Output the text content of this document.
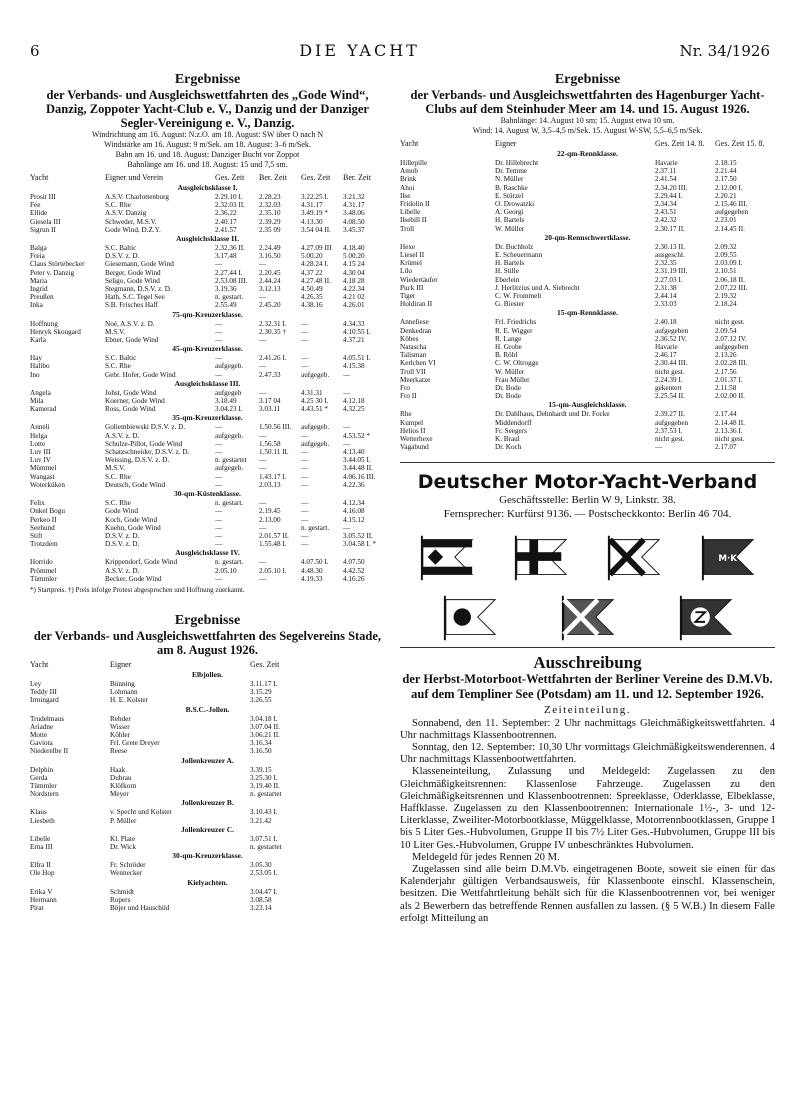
6	DIE YACHT	Nr. 34/1926
Ergebnisse
der Verbands- und Ausgleichswettfahrten des „Gode Wind“, Danzig, Zoppoter Yacht-Club e. V., Danzig und der Danziger Segler-Vereinigung e. V., Danzig.
Windrichtung am 16. August: N.z.O. am 18. August: SW über O nach N
Windstärke am 16. August: 9 m/Sek. am 18. August: 3–6 m/Sek.
Bahn am 16. und 18. August: Danziger Bucht vor Zoppot
Bahnlänge am 16. und 18. August: 15 und 7,5 sm.
Yacht	Eigner und Verein	Ges. Zeit	Ber. Zeit	Ges. Zeit	Ber. Zeit
Ausgleichsklasse I.
Prosit III	A.S.V. Charlottenburg	2.29.10 I.	2.28.23	3.22.25 I.	3.21.32
Fee	S.C. Rhe	2.32.03 II.	2.32.03	4.31.17	4.31.17
Ellide	A.S.V. Danzig	2.36.22	2.35.10	3.49.19 *	3.48.06
Giesela III	Schweder, M.S.V.	2.40.17	2.39.29	4.13.30	4.08.50
Sigrun II	Gode Wind, D.Z.Y.	2.41.57	2.35 09	3.54 04 II.	3.45.37
Ausgleichsklasse II.
Balga	S.C. Baltic	2.32.36 II.	2.24.49	4.27.09 III	4.18.40
Freia	D.S.V. z. D.	3.17.48	3.16.50	5.00.20	5 00.20
Claus Störtebecker	Giesemann, Gode Wind	—	—	4.28.24 I.	4.15 24
Peter v. Danzig	Berger, Gode Wind	2.27.44 I.	2.20.45	4.37 22	4.30 04
Maria	Seligo, Gode Wind	2.53.08 III.	2.44.24	4.27.48 II.	4.18 28
Ingrid	Stegmann, D.S.V. z. D.	3.19.36	3.12.13	4.50.49	4.22.34
Preußen	Hath, S.C. Tegel See	n. gestart.	—	4.26.35	4.21 02
Inka	S.B. Frisches Haff	2.55.49	2.45.20	4.38.16	4.26.01
75-qm-Kreuzerklasse.
Hoffnung	Noé, A.S.V. z. D.	—	2.32.31 I.	—	4.34.33
Henryk Skougard	M.S.V.	—	2.30.35 †	—	4.10.55 I.
Karla	Ebner, Gode Wind	—	—	—	4.37.21
45-qm-Kreuzerklasse.
Hay	S.C. Baltic	—	2.41.26 I.	—	4.05.51 I.
Halibo	S.C. Rhe	aufgegeb.	—	—	4.15.38
Ino	Gebr. Hofer, Gode Wind	—	2.47.33	aufgegeb.	—
Ausgleichsklasse III.
Angela	Johst, Gode Wind	aufgegeb	—	4.31.31	—
Mila	Koerner, Gode Wind	3.18.49	3.17 04	4.25 30 I.	4.12.18
Kamerad	Ross, Gode Wind	3.04.23 I.	3.03.11	4.43.51 *	4.32.25
35-qm-Kreuzerklasse.
Anneli	Goliembiewski D.S.V. z. D.	—	1.50.56 III.	aufgegeb.	—
Helga	A.S.V. z. D.	aufgegeb.	—	—	4.53.52 *
Lotte	Schulze-Pillot, Gode Wind	—	1.56.58	aufgegeb.	—
Luv III	Schatzschneider, D.S.V. z. D.	—	1.50.11 II.	—	4.13.40
Luv IV	Weissing, D.S.V. z. D.	n. gestartet	—	—	3.44.05 I.
Mümmel	M.S.V.	aufgegeb.	—	—	3.44.48 II.
Wangast	S.C. Rhe	—	1.43.17 I.	—	4.06.16 III.
Woterküken	Deutsch, Gode Wind	—	2.03.13	—	4.22.36
30-qm-Küstenklasse.
Felix	S.C. Rhe	n. gestart.	—	—	4.12.34
Onkel Bogu	Gode Wind	—	2.19.45	—	4.16.08
Perkeo II	Koch, Gode Wind	—	2.13.00	—	4.15.12
Seehund	Kuehn, Gode Wind	—	—	n. gestart.	—
Stift	D.S.V. z. D.	—	2.01.57 II.	—	3.05.52 II.
Trotzdem	D.S.V. z. D.	—	1.55.48 I.	—	3.04.58 I. *
Ausgleichsklasse IV.
Horrido	Krippendorf, Gode Wind	n. gestart.	—	4.07.50 I.	4.07.50
Prömmel	A.S.V. z. D.	2.05.10	2.05.10 I.	4.48.30	4.42.52
Tümmler	Becker, Gode Wind	—	—	4.19.33	4.16.26
*) Startpreis. †) Preis infolge Protest abgesprochen und Hoffnung zuerkannt.
Ergebnisse
der Verbands- und Ausgleichswettfahrten des Segelvereins Stade, am 8. August 1926.
Yacht	Eigner	Ges. Zeit
Elbjollen.
Ley	Bünning	3.11.17 I.
Teddy III	Lohmann	3.15.29
Irmingard	H. E. Kolster	3.26.55
B.S.C.-Jollen.
Trudelmaus	Rehder	3.04.18 I.
Ariadne	Wisser	3.07.04 II.
Motte	Köhler	3.06.21 II.
Gaviota	Frl. Grete Dreyer	3.16.34
Niederelbe II	Reese	3.16.50
Jollenkreuzer A.
Delphin	Haak	3.39.15
Gerda	Dubrau	3.25.30 I.
Tümmler	Klöfkorn	3.19.40 II.
Nordstern	Meyer	n. gestartet
Jollenkreuzer B.
Klaus	v. Specht und Kolster	3.10.43 I.
Liesbeth	P. Müller	3.21.42
Jollenkreuzer C.
Libelle	Kl. Plate	3.07.51 I.
Erna III	Dr. Wick	n. gestartet
30-qm-Kreuzerklasse.
Elfra II	Fr. Schröder	3.05.30
Ole Hop	Wennecker	2.53.05 I.
Kielyachten.
Erika V	Schmidt	3.04.47 I.
Hermann	Ropers	3.08.58
Pirat	Böjer und Hauschild	3.23.14
Ergebnisse
der Verbands- und Ausgleichswettfahrten des Hagenburger Yacht-Clubs auf dem Steinhuder Meer am 14. und 15. August 1926.
Bahnlänge: 14. August 10 sm; 15. August etwa 10 sm.
Wind: 14. August W, 3,5–4,5 m/Sek. 15. August W-SW, 5,5–6,5 m/Sek.
Yacht	Eigner	Ges. Zeit 14. 8.	Ges. Zeit 15. 8.
22-qm-Rennklasse.
Hillepille	Dr. Hillebrecht	Havarie	2.18.15
Amob	Dr. Temme	2.37.11	2.21.44
Brink	N. Müller	2.41.54	2.17.50
Ahoi	B. Raschke	2.34.20 III.	2.12.00 I.
Ilse	E. Stürzel	2.29.44 I.	2.20.21
Fridolin II	O. Drowatzki	2.34.34	2.15.46 III.
Libelle	A. Georgi	2.43.51	aufgegeben
Ilsebill II	H. Bartels	2.42.32	2.23.01
Troll	W. Müller	2.30.17 II.	2.14.45 II.
20-qm-Rennschwertklasse.
Hexe	Dr. Buchholz	2.30.13 II.	2.09.32
Liesel II	E. Scheuermann	ausgeschl.	2.09.55
Krümel	H. Bartels	2.32.35	2.03.09 I.
Lilo	H. Stille	2.31.19 III.	2.10.51
Wiedertäufer	Eberlein	2.27.03 I.	2.06.18 II.
Puck III	J. Herlitzius und A. Siebrecht	2.31.38	2.07.22 III.
Tiger	C. W. Frommelt	2.44.14	2.19.32
Holdiran II	G. Biester	2.33.03	2.18.24
15-qm-Rennklasse.
Anneliese	Frl. Friedrichs	2.40.18	nicht gest.
Denkedran	R. E. Wigger	aufgegeben	2.09.54
Köbes	R. Lange	2.36.52 IV.	2.07.12 IV.
Natascha	H. Grobe	Havarie	aufgegeben
Talisman	B. Röhl	2.46.17	2.13.26
Kerlchen VI	C. W. Oltrogge	2.30.44 III.	2.02.28 III.
Troll VII	W. Müller	nicht gest.	2.17.56
Meerkatze	Frau Müller	2.24.39 I.	2.01.37 I.
Fro	Dr. Bode	gekentert	2.11.58
Fro II	Dr. Bode	2.25.54 II.	2.02.00 II.
15-qm-Ausgleichsklasse.
Rhe	Dr. Dahlhaus, Dehnhardt und Dr. Focke	2.39.27 II.	2.17.44
Kumpel	Middendorff	aufgegeben	2.14.48 II.
Helios II	Fr. Seegers	2.37.53 I.	2.13.36 I.
Wetterhexe	K. Braul	nicht gest.	nicht gest.
Vagabund	Dr. Koch	—	2.17.07
Deutscher Motor-Yacht-Verband
Geschäftsstelle: Berlin W 9, Linkstr. 38.
Fernsprecher: Kurfürst 9136. — Postscheckkonto: Berlin 46 704.
M·K·O
Ausschreibung
der Herbst-Motorboot-Wettfahrten der Berliner Vereine des D.M.Vb. auf dem Templiner See (Potsdam) am 11. und 12. September 1926.
Zeiteinteilung.

Sonnabend, den 11. September: 2 Uhr nachmittags Gleichmäßigkeitswettfahrten. 4 Uhr nachmittags Klassenbootrennen.

Sonntag, den 12. September: 10,30 Uhr vormittags Gleichmäßigkeitswenderennen. 4 Uhr nachmittags Klassenbootwettfahrten.

Klasseneinteilung, Zulassung und Meldegeld: Zugelassen zu den Gleichmäßigkeitsrennen: Klassenlose Fahrzeuge. Zugelassen zu den Gleichmäßigkeitsrennen und Klassenbootrennen: Spreeklasse, Oderklasse, Elbeklasse, Haffklasse. Zugelassen zu den Klassenbootrennen: Internationale 1½-, 3- und 12-Literklasse, Zweiliter-Motorbootklasse, Müggelklasse, Motorrennbootklassen, Gruppe I bis 5 Liter Ges.-Hubvolumen, Gruppe II bis 7½ Liter Ges.-Hubvolumen, Gruppe III bis 10 Liter Ges.-Hubvolumen, Gruppe IV unbeschränktes Hubvolumen.

Meldegeld für jedes Rennen 20 M.

Zugelassen sind alle beim D.M.Vb. eingetragenen Boote, soweit sie einen für das Kalenderjahr gültigen Verbandsausweis, für Klassenboote einschl. Klassenschein, besitzen. Die Wettfahrtleitung behält sich für die Klassenbootrennen vor, bei weniger als 2 Bewerbern das betreffende Rennen ausfallen zu lassen. (§ 5 W.B.) In diesem Falle erfolgt Mitteilung an
